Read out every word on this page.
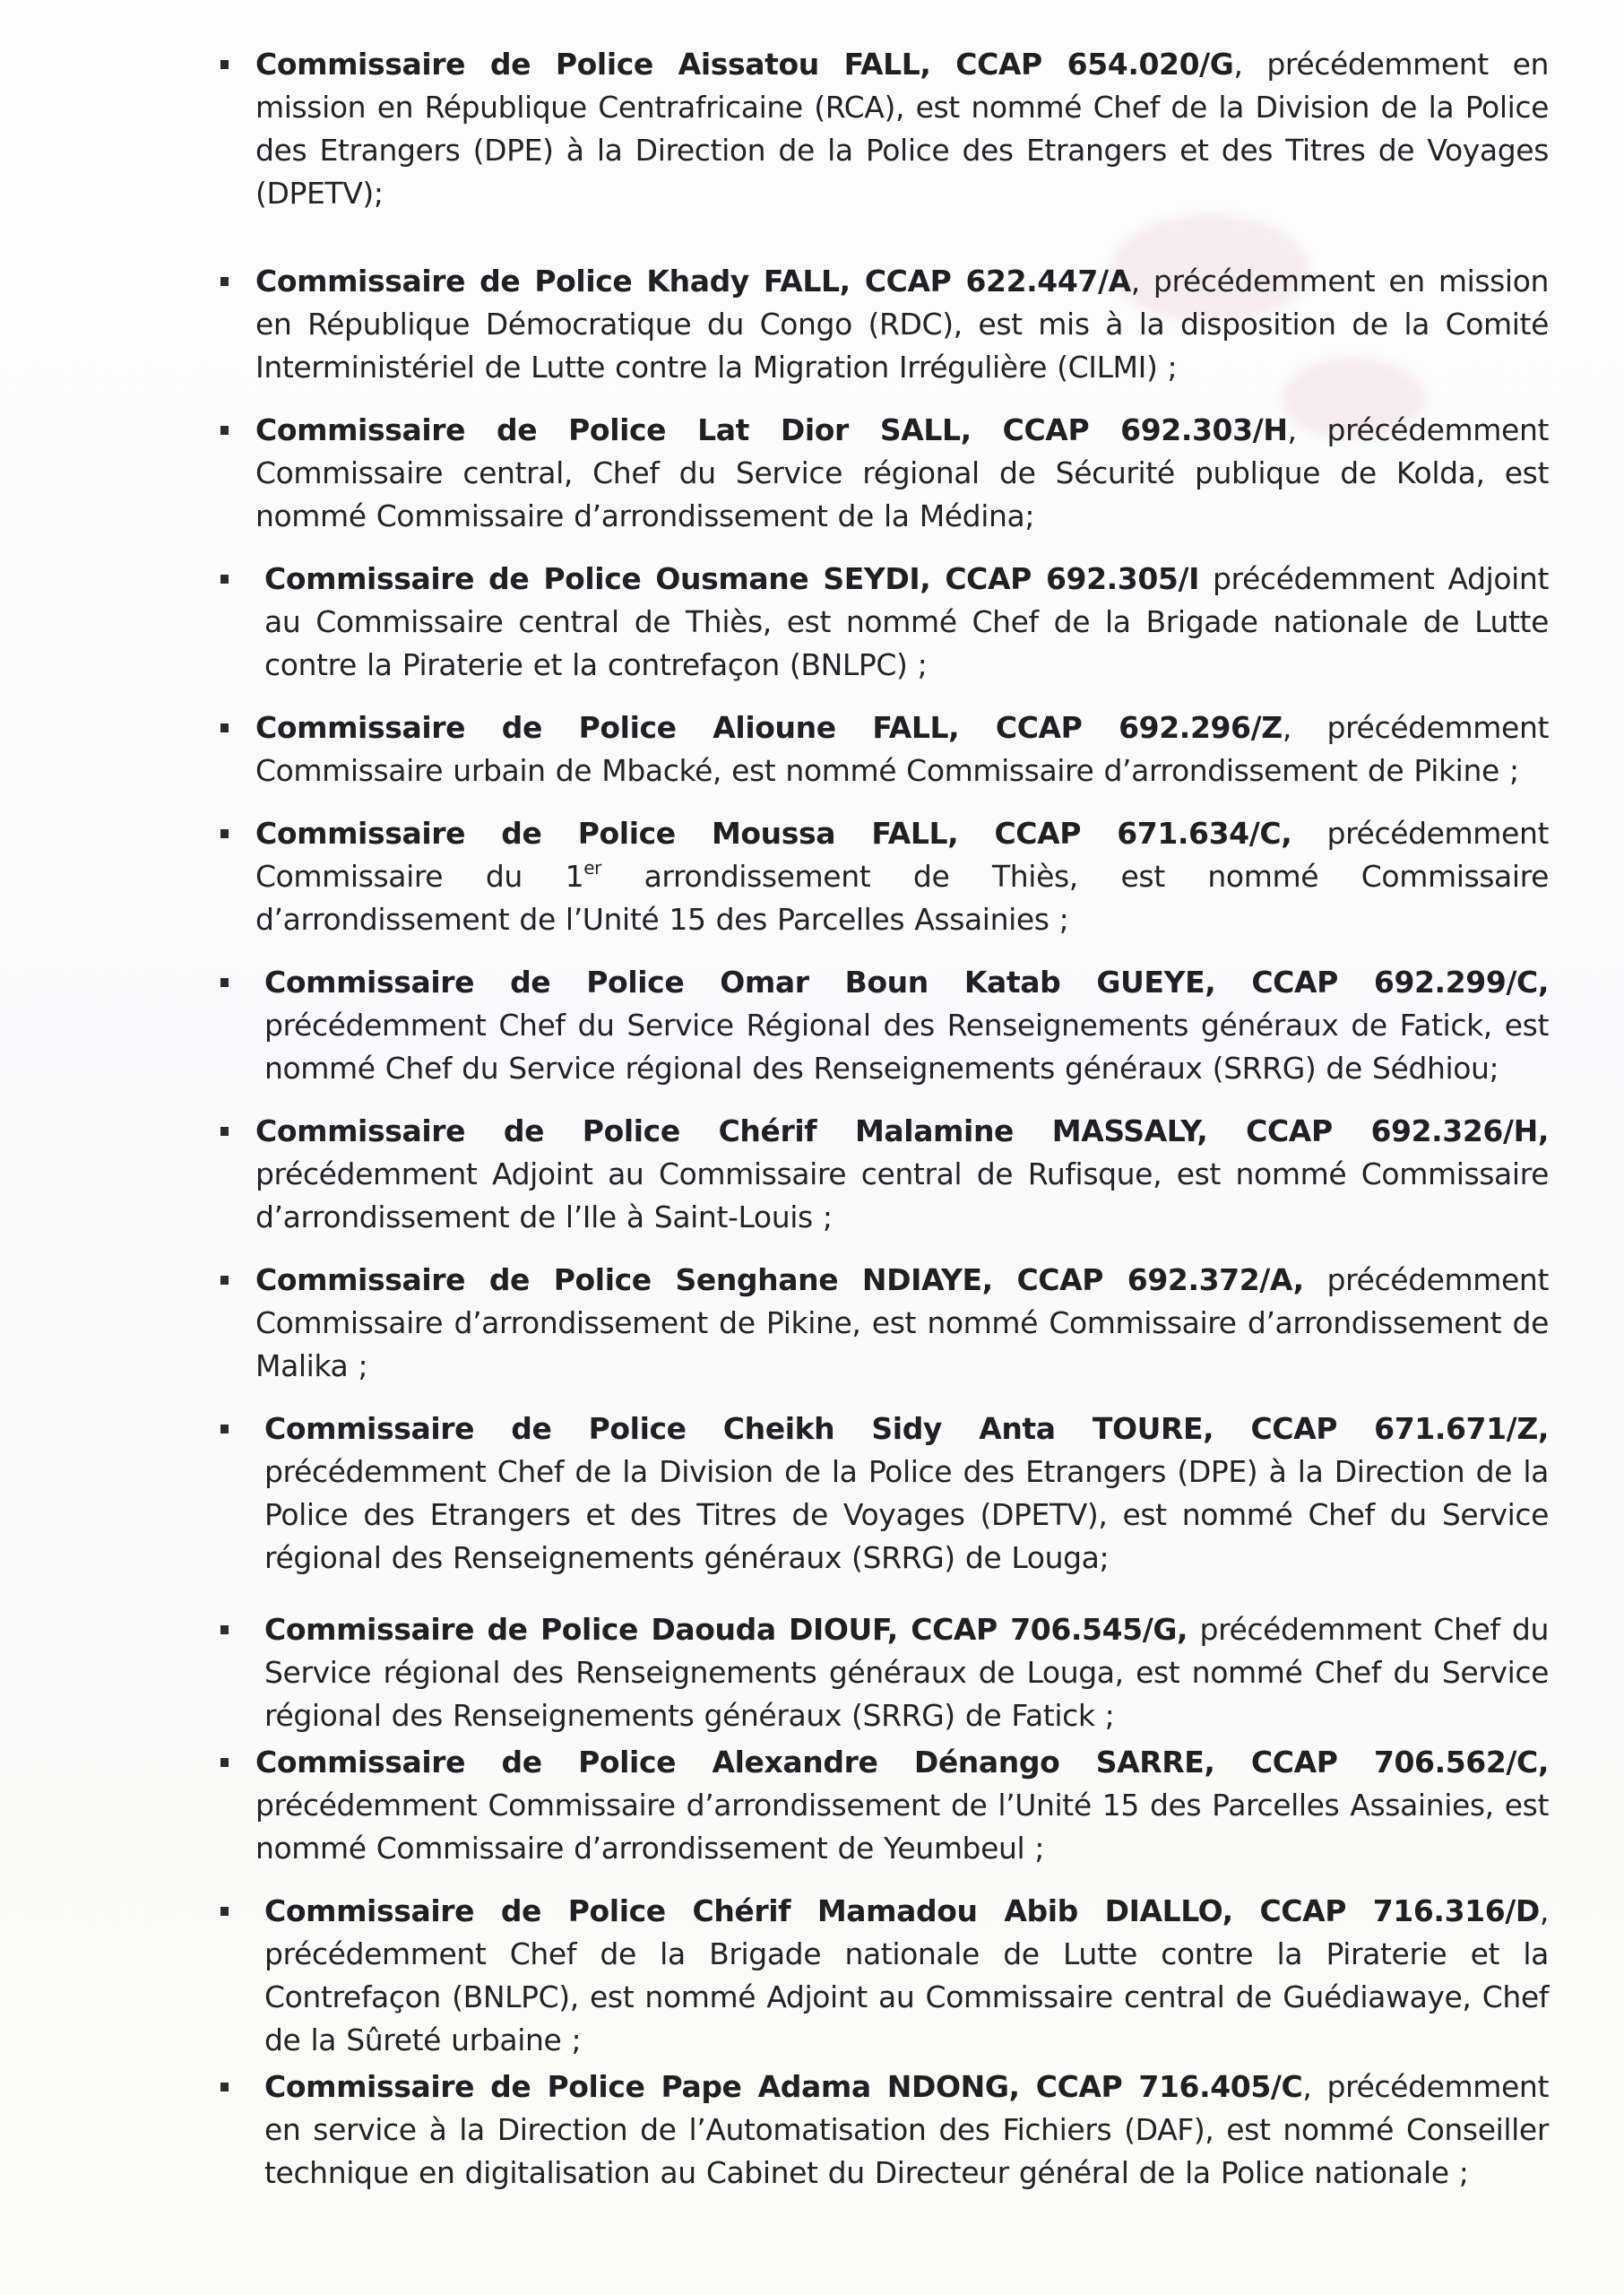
Commissaire de Police Aissatou FALL, CCAP 654.020/G, précédemment en mission en République Centrafricaine (RCA), est nommé Chef de la Division de la Police des Etrangers (DPE) à la Direction de la Police des Etrangers et des Titres de Voyages (DPETV);
Commissaire de Police Khady FALL, CCAP 622.447/A, précédemment en mission en République Démocratique du Congo (RDC), est mis à la disposition de la Comité Interministériel de Lutte contre la Migration Irrégulière (CILMI) ;
Commissaire de Police Lat Dior SALL, CCAP 692.303/H, précédemment Commissaire central, Chef du Service régional de Sécurité publique de Kolda, est nommé Commissaire d’arrondissement de la Médina;
Commissaire de Police Ousmane SEYDI, CCAP 692.305/I précédemment Adjoint au Commissaire central de Thiès, est nommé Chef de la Brigade nationale de Lutte contre la Piraterie et la contrefaçon (BNLPC) ;
Commissaire de Police Alioune FALL, CCAP 692.296/Z, précédemment Commissaire urbain de Mbacké, est nommé Commissaire d’arrondissement de Pikine ;
Commissaire de Police Moussa FALL, CCAP 671.634/C, précédemment Commissaire du 1er arrondissement de Thiès, est nommé Commissaire d’arrondissement de l’Unité 15 des Parcelles Assainies ;
Commissaire de Police Omar Boun Katab GUEYE, CCAP 692.299/C, précédemment Chef du Service Régional des Renseignements généraux de Fatick, est nommé Chef du Service régional des Renseignements généraux (SRRG) de Sédhiou;
Commissaire de Police Chérif Malamine MASSALY, CCAP 692.326/H, précédemment Adjoint au Commissaire central de Rufisque, est nommé Commissaire d’arrondissement de l’Ile à Saint-Louis ;
Commissaire de Police Senghane NDIAYE, CCAP 692.372/A, précédemment Commissaire d’arrondissement de Pikine, est nommé Commissaire d’arrondissement de Malika ;
Commissaire de Police Cheikh Sidy Anta TOURE, CCAP 671.671/Z, précédemment Chef de la Division de la Police des Etrangers (DPE) à la Direction de la Police des Etrangers et des Titres de Voyages (DPETV), est nommé Chef du Service régional des Renseignements généraux (SRRG) de Louga;
Commissaire de Police Daouda DIOUF, CCAP 706.545/G, précédemment Chef du Service régional des Renseignements généraux de Louga, est nommé Chef du Service régional des Renseignements généraux (SRRG) de Fatick ;
Commissaire de Police Alexandre Dénango SARRE, CCAP 706.562/C, précédemment Commissaire d’arrondissement de l’Unité 15 des Parcelles Assainies, est nommé Commissaire d’arrondissement de Yeumbeul ;
Commissaire de Police Chérif Mamadou Abib DIALLO, CCAP 716.316/D, précédemment Chef de la Brigade nationale de Lutte contre la Piraterie et la Contrefaçon (BNLPC), est nommé Adjoint au Commissaire central de Guédiawaye, Chef de la Sûreté urbaine ;
Commissaire de Police Pape Adama NDONG, CCAP 716.405/C, précédemment en service à la Direction de l’Automatisation des Fichiers (DAF), est nommé Conseiller technique en digitalisation au Cabinet du Directeur général de la Police nationale ;
